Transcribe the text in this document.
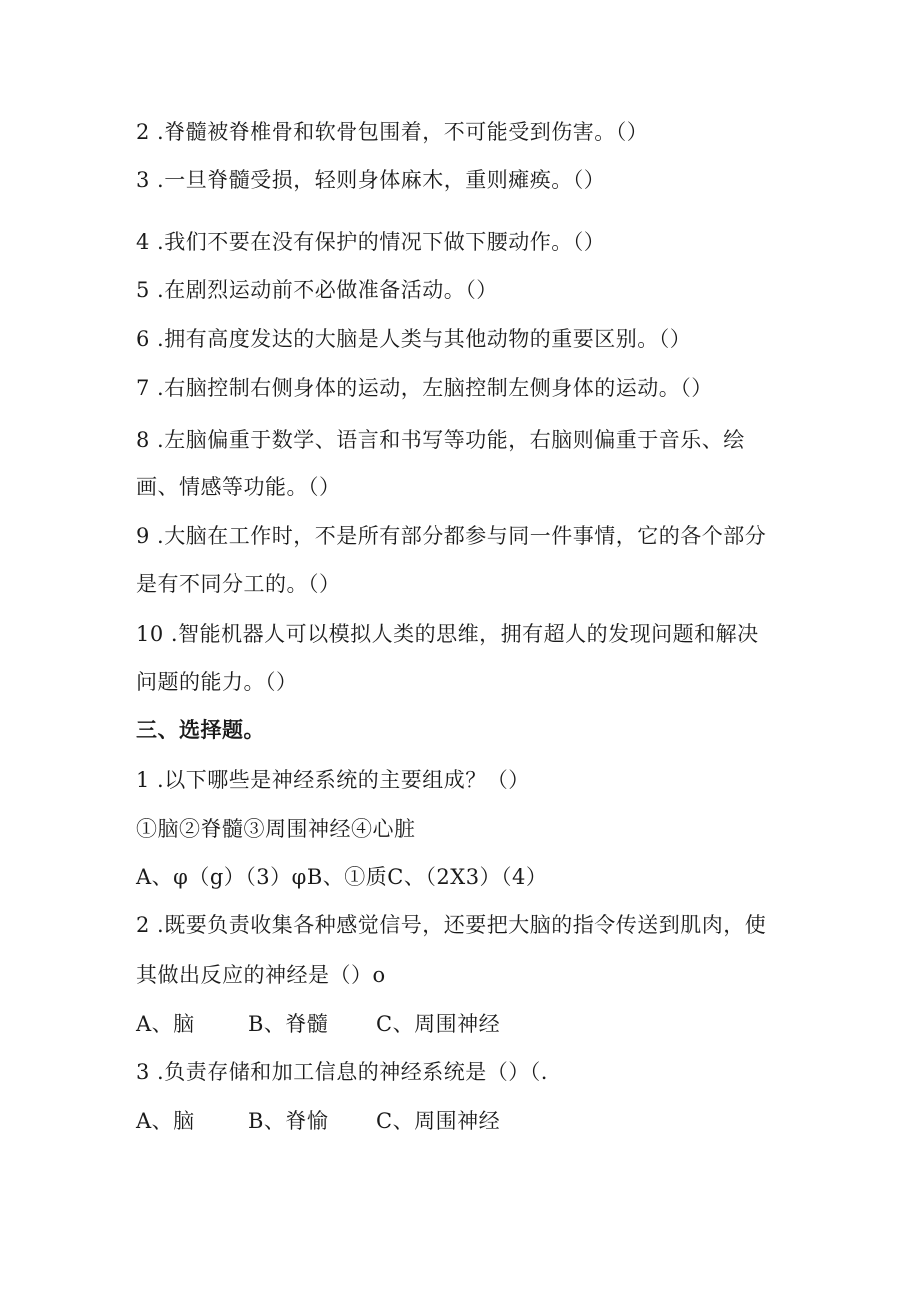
2 .脊髓被脊椎骨和软骨包围着，不可能受到伤害。（）
3 .一旦脊髓受损，轻则身体麻木，重则瘫痪。（）
4 .我们不要在没有保护的情况下做下腰动作。（）
5 .在剧烈运动前不必做准备活动。（）
6 .拥有高度发达的大脑是人类与其他动物的重要区别。（）
7 .右脑控制右侧身体的运动，左脑控制左侧身体的运动。（）
8 .左脑偏重于数学、语言和书写等功能，右脑则偏重于音乐、绘
画、情感等功能。（）
9 .大脑在工作时，不是所有部分都参与同一件事情，它的各个部分
是有不同分工的。（）
10 .智能机器人可以模拟人类的思维，拥有超人的发现问题和解决
问题的能力。（）
三、选择题。
1 .以下哪些是神经系统的主要组成？（）
①脑②脊髓③周围神经④心脏
A、φ（g）（3）φB、①质C、（2X3）（4）
2 .既要负责收集各种感觉信号，还要把大脑的指令传送到肌肉，使
其做出反应的神经是（）o
A、脑	B、脊髓 C、周围神经
3 .负责存储和加工信息的神经系统是（）（.
A、脑	B、脊愉 C、周围神经
